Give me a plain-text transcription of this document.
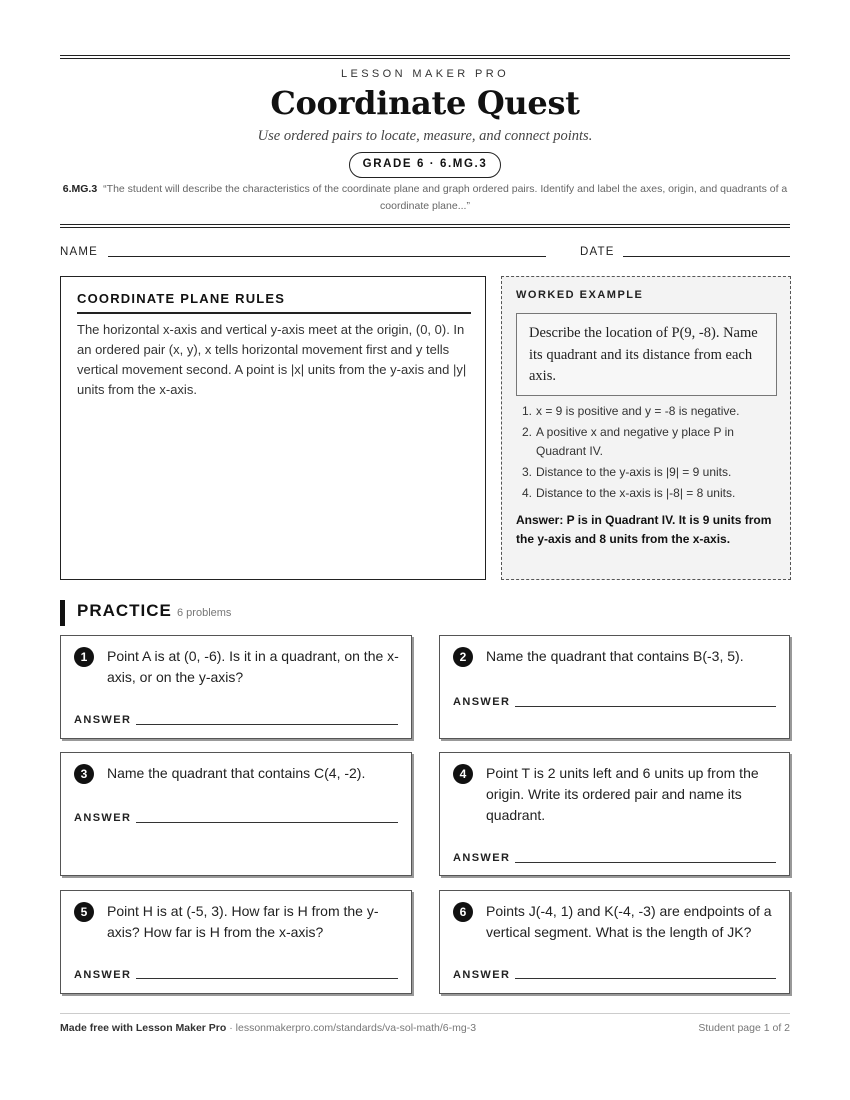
LESSON MAKER PRO
Coordinate Quest
Use ordered pairs to locate, measure, and connect points.
GRADE 6 · 6.MG.3
6.MG.3 “The student will describe the characteristics of the coordinate plane and graph ordered pairs. Identify and label the axes, origin, and quadrants of a coordinate plane...”
NAME	DATE
COORDINATE PLANE RULES
The horizontal x-axis and vertical y-axis meet at the origin, (0, 0). In an ordered pair (x, y), x tells horizontal movement first and y tells vertical movement second. A point is |x| units from the y-axis and |y| units from the x-axis.
WORKED EXAMPLE
Describe the location of P(9, -8). Name its quadrant and its distance from each axis.
1. x = 9 is positive and y = -8 is negative.
2. A positive x and negative y place P in Quadrant IV.
3. Distance to the y-axis is |9| = 9 units.
4. Distance to the x-axis is |-8| = 8 units.
Answer: P is in Quadrant IV. It is 9 units from the y-axis and 8 units from the x-axis.
PRACTICE 6 problems
1	Point A is at (0, -6). Is it in a quadrant, on the x-axis, or on the y-axis?
ANSWER
2	Name the quadrant that contains B(-3, 5).
ANSWER
3	Name the quadrant that contains C(4, -2).
ANSWER
4	Point T is 2 units left and 6 units up from the origin. Write its ordered pair and name its quadrant.
ANSWER
5	Point H is at (-5, 3). How far is H from the y-axis? How far is H from the x-axis?
ANSWER
6	Points J(-4, 1) and K(-4, -3) are endpoints of a vertical segment. What is the length of JK?
ANSWER
Made free with Lesson Maker Pro · lessonmakerpro.com/standards/va-sol-math/6-mg-3	Student page 1 of 2
